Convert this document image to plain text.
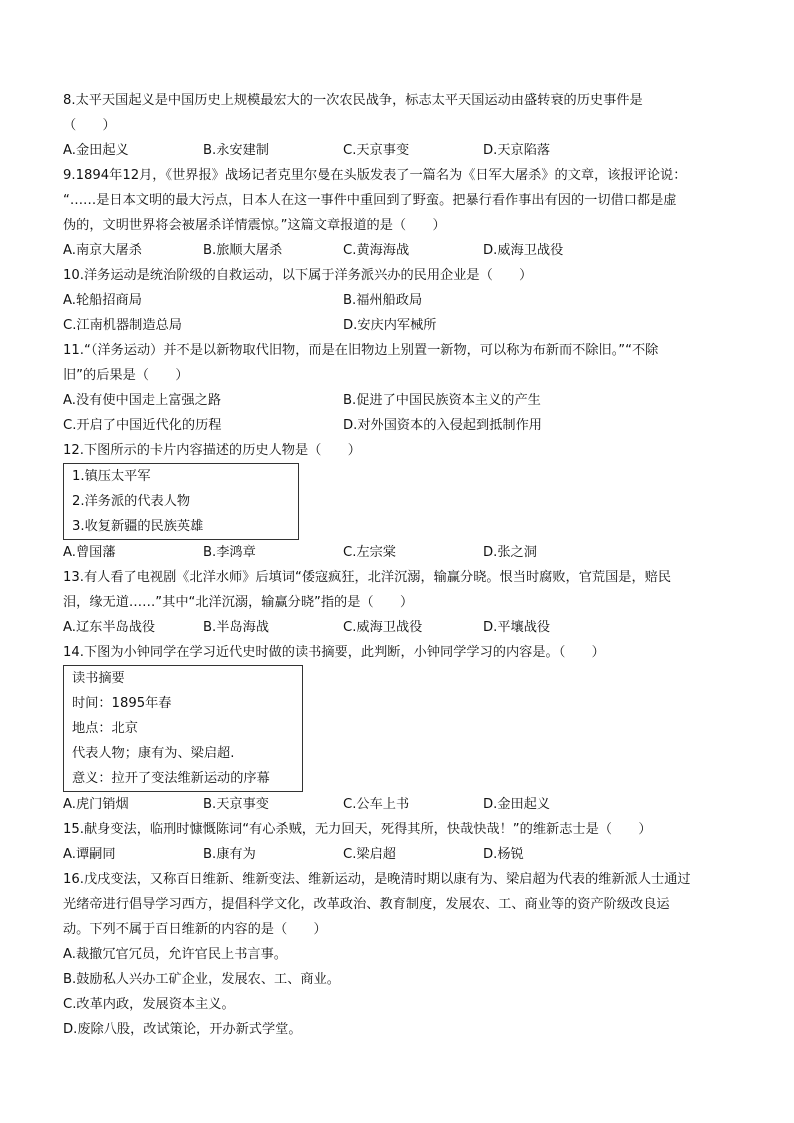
8.太平天国起义是中国历史上规模最宏大的一次农民战争，标志太平天国运动由盛转衰的历史事件是
（　　）
A.金田起义	B.永安建制	C.天京事变	D.天京陷落
9.1894年12月，《世界报》战场记者克里尔曼在头版发表了一篇名为《日军大屠杀》的文章，该报评论说：
“……是日本文明的最大污点，日本人在这一事件中重回到了野蛮。把暴行看作事出有因的一切借口都是虚
伪的，文明世界将会被屠杀详情震惊。”这篇文章报道的是（　　）
A.南京大屠杀	B.旅顺大屠杀	C.黄海海战	D.威海卫战役
10.洋务运动是统治阶级的自救运动，以下属于洋务派兴办的民用企业是（　　）
A.轮船招商局	B.福州船政局
C.江南机器制造总局	D.安庆内军械所
11.“（洋务运动）并不是以新物取代旧物，而是在旧物边上别置一新物，可以称为布新而不除旧。”“不除
旧”的后果是（　　）
A.没有使中国走上富强之路	B.促进了中国民族资本主义的产生
C.开启了中国近代化的历程	D.对外国资本的入侵起到抵制作用
12.下图所示的卡片内容描述的历史人物是（　　）
1.镇压太平军
2.洋务派的代表人物
3.收复新疆的民族英雄
A.曾国藩	B.李鸿章	C.左宗棠	D.张之洞
13.有人看了电视剧《北洋水师》后填词“倭寇疯狂，北洋沉溺，输赢分晓。恨当时腐败，官荒国是，赔民
泪，缘无道……”其中“北洋沉溺，输赢分晓”指的是（　　）
A.辽东半岛战役	B.半岛海战	C.威海卫战役	D.平壤战役
14.下图为小钟同学在学习近代史时做的读书摘要，此判断，小钟同学学习的内容是。（　　）
读书摘要
时间：1895年春
地点：北京
代表人物；康有为、梁启超.
意义：拉开了变法维新运动的序幕
A.虎门销烟	B.天京事变	C.公车上书	D.金田起义
15.献身变法，临刑时慷慨陈词“有心杀贼，无力回天，死得其所，快哉快哉！”的维新志士是（　　）
A.谭嗣同	B.康有为	C.梁启超	D.杨锐
16.戊戌变法，又称百日维新、维新变法、维新运动，是晚清时期以康有为、梁启超为代表的维新派人士通过
光绪帝进行倡导学习西方，提倡科学文化，改革政治、教育制度，发展农、工、商业等的资产阶级改良运
动。下列不属于百日维新的内容的是（　　）
A.裁撤冗官冗员，允许官民上书言事。
B.鼓励私人兴办工矿企业，发展农、工、商业。
C.改革内政，发展资本主义。
D.废除八股，改试策论，开办新式学堂。
